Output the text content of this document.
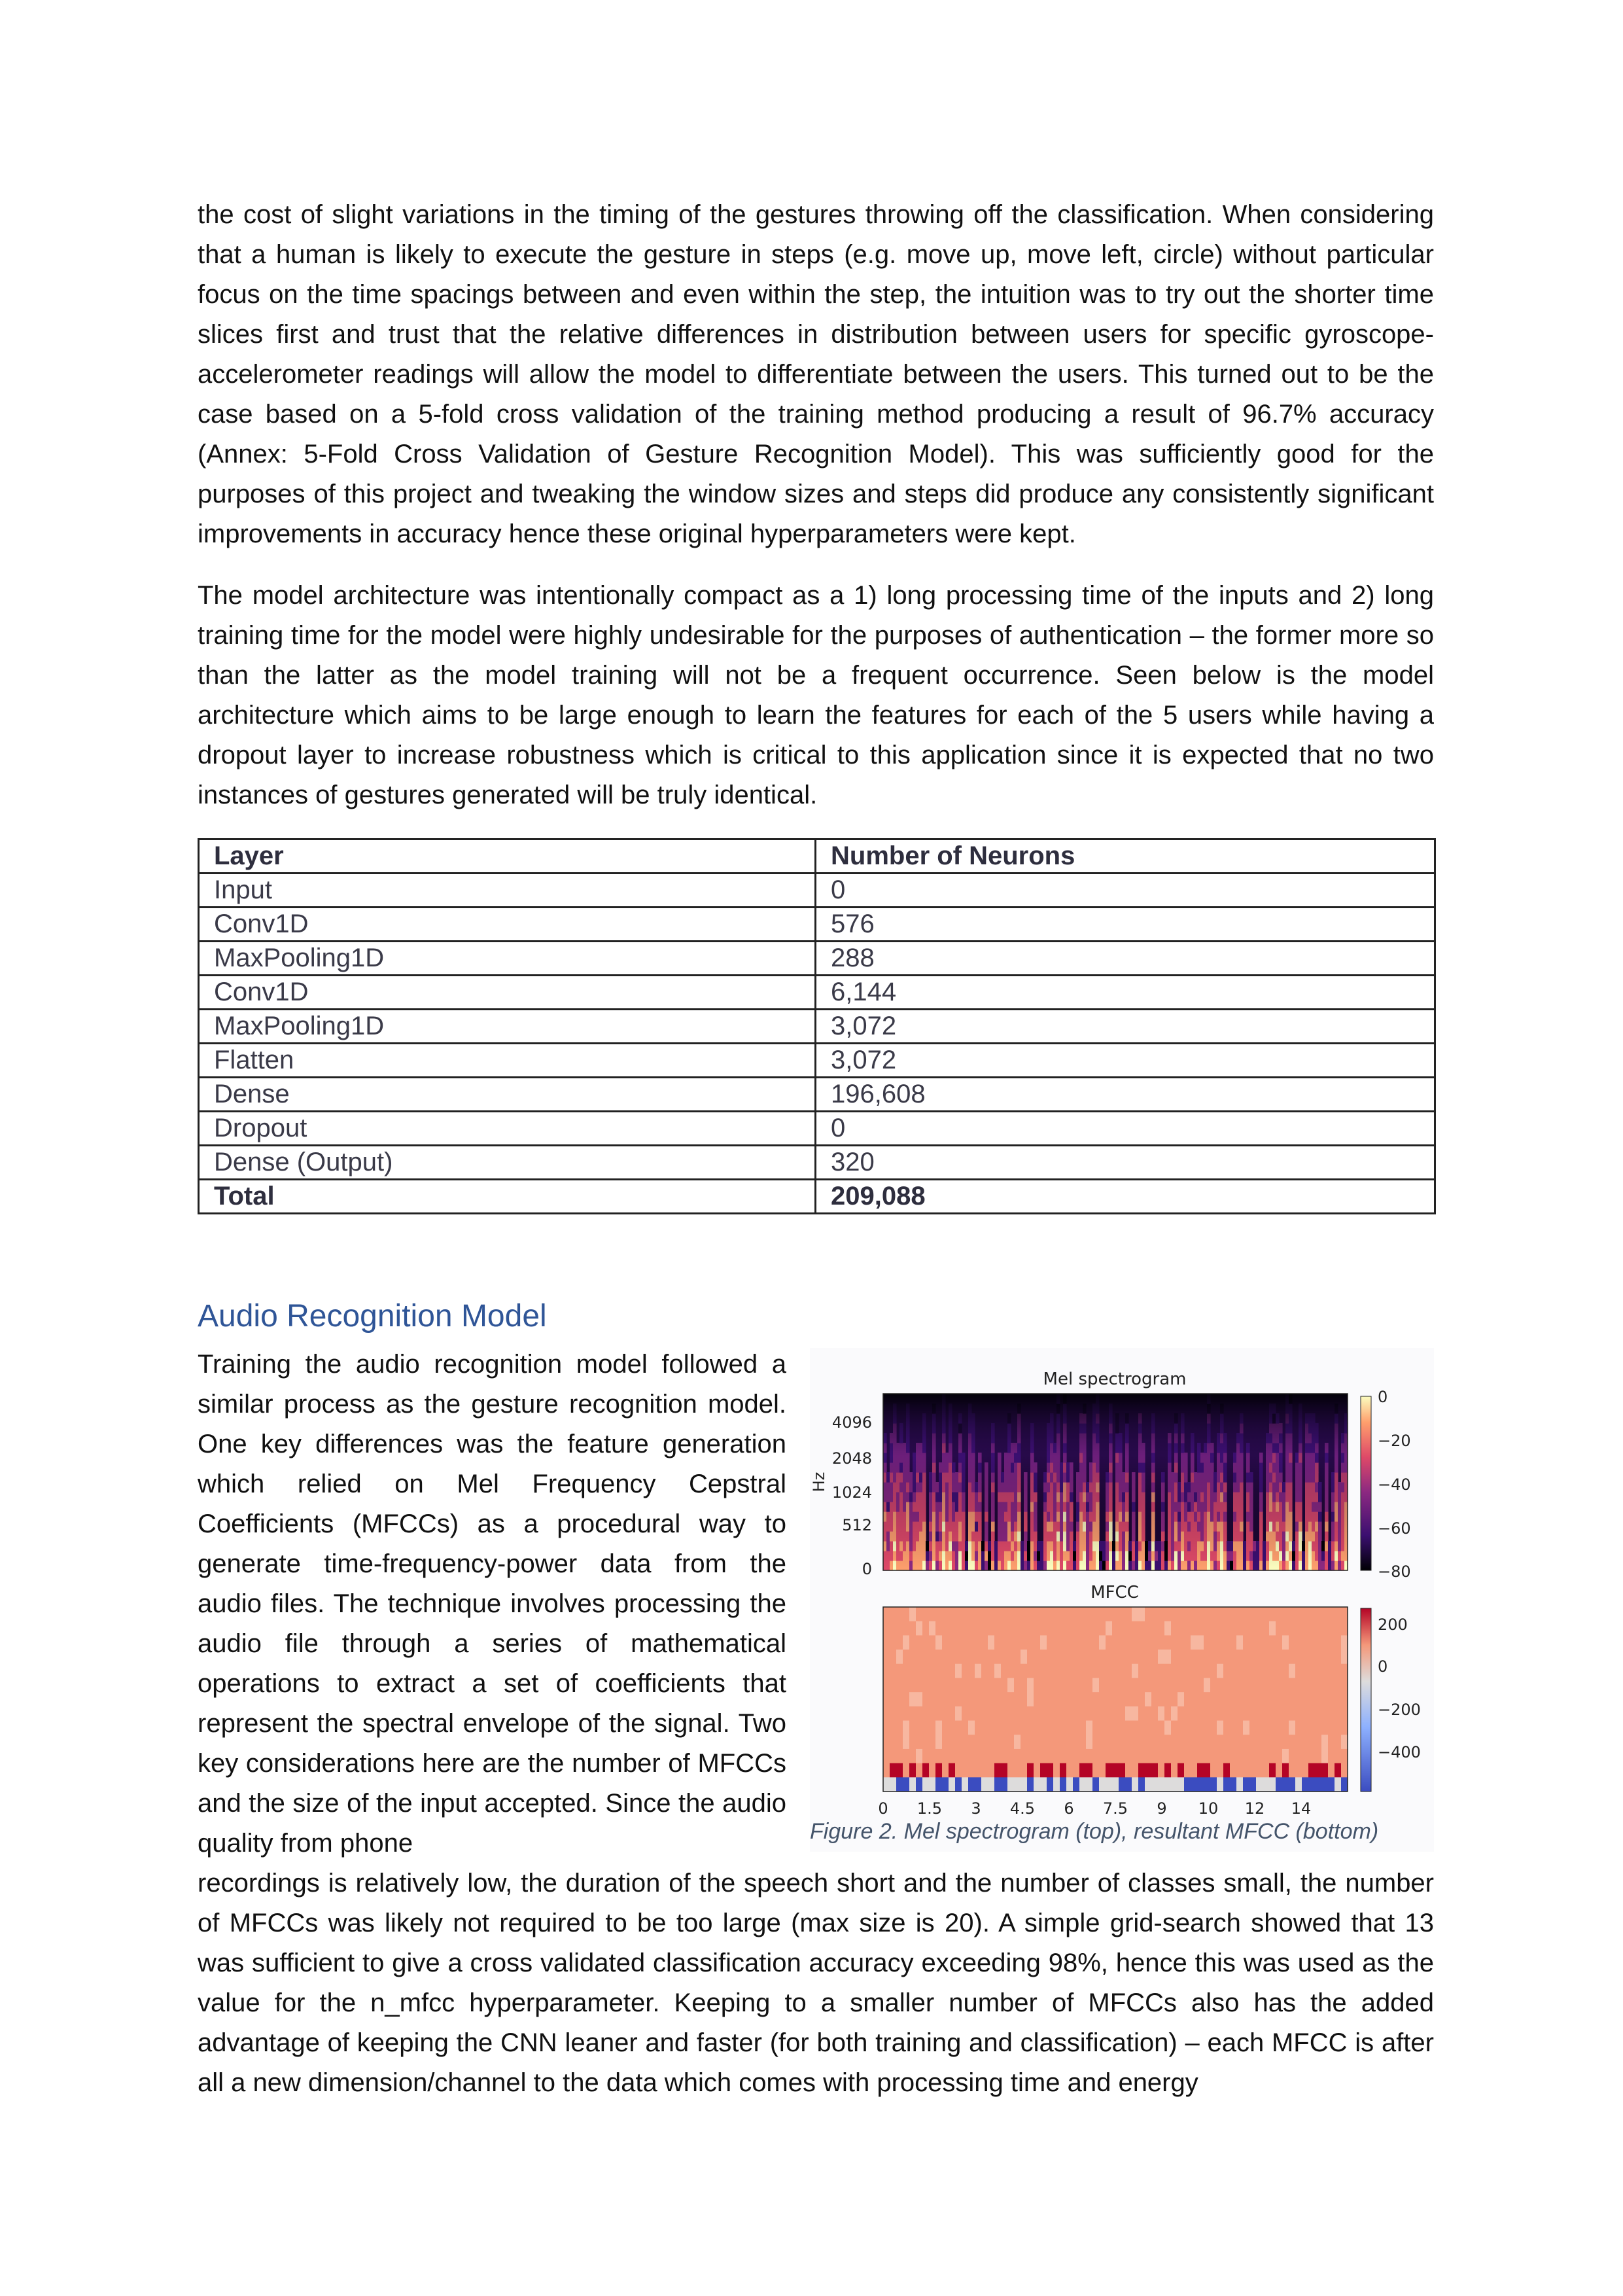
the cost of slight variations in the timing of the gestures throwing off the classification. When considering that a human is likely to execute the gesture in steps (e.g. move up, move left, circle) without particular focus on the time spacings between and even within the step, the intuition was to try out the shorter time slices first and trust that the relative differences in distribution between users for specific gyroscope-accelerometer readings will allow the model to differentiate between the users. This turned out to be the case based on a 5-fold cross validation of the training method producing a result of 96.7% accuracy (Annex: 5-Fold Cross Validation of Gesture Recognition Model). This was sufficiently good for the purposes of this project and tweaking the window sizes and steps did produce any consistently significant improvements in accuracy hence these original hyperparameters were kept.

The model architecture was intentionally compact as a 1) long processing time of the inputs and 2) long training time for the model were highly undesirable for the purposes of authentication – the former more so than the latter as the model training will not be a frequent occurrence. Seen below is the model architecture which aims to be large enough to learn the features for each of the 5 users while having a dropout layer to increase robustness which is critical to this application since it is expected that no two instances of gestures generated will be truly identical.

Layer	Number of Neurons
Input	0
Conv1D	576
MaxPooling1D	288
Conv1D	6,144
MaxPooling1D	3,072
Flatten	3,072
Dense	196,608
Dropout	0
Dense (Output)	320
Total	209,088
Audio Recognition Model

Training the audio recognition model followed a similar process as the gesture recognition model. One key differences was the feature generation which relied on Mel Frequency Cepstral Coefficients (MFCCs) as a procedural way to generate time-frequency-power data from the audio files. The technique involves processing the audio file through a series of mathematical operations to extract a set of coefficients that represent the spectral envelope of the signal. Two key considerations here are the number of MFCCs and the size of the input accepted. Since the audio quality from phone

Mel spectrogram
Hz
4096
2048
1024
512
0
0
−20
−40
−60
−80
MFCC
0 1.5 3 4.5 6 7.5 9 10 12 14
200
0
−200
−400

Figure 2. Mel spectrogram (top), resultant MFCC (bottom)

recordings is relatively low, the duration of the speech short and the number of classes small, the number of MFCCs was likely not required to be too large (max size is 20). A simple grid-search showed that 13 was sufficient to give a cross validated classification accuracy exceeding 98%, hence this was used as the value for the n_mfcc hyperparameter. Keeping to a smaller number of MFCCs also has the added advantage of keeping the CNN leaner and faster (for both training and classification) – each MFCC is after all a new dimension/channel to the data which comes with processing time and energy
